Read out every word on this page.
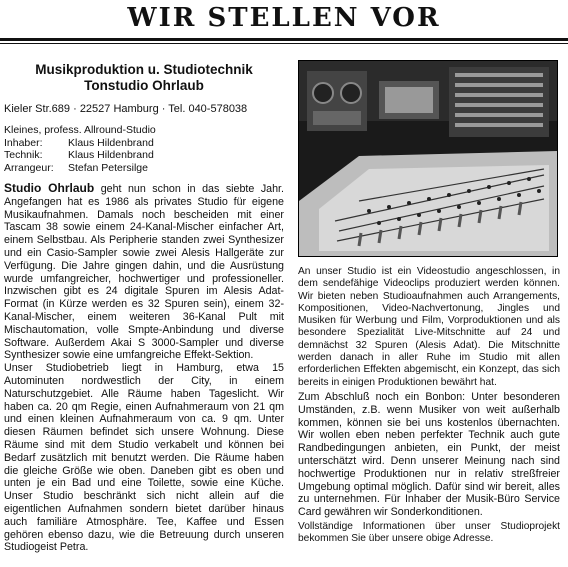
WIR STELLEN VOR
Musikproduktion u. Studiotechnik
Tonstudio Ohrlaub
Kieler Str.689 · 22527 Hamburg · Tel. 040-578038
Kleines, profess. Allround-Studio
Inhaber:	Klaus Hildenbrand
Technik:	Klaus Hildenbrand
Arrangeur:	Stefan Petersilge
Studio Ohrlaub geht nun schon in das siebte Jahr. Angefangen hat es 1986 als privates Studio für eigene Musikaufnahmen. Damals noch bescheiden mit einer Tascam 38 sowie einem 24-Kanal-Mischer einfacher Art, einem Selbstbau. Als Peripherie standen zwei Synthesizer und ein Casio-Sampler sowie zwei Alesis Hallgeräte zur Verfügung. Die Jahre gingen dahin, und die Ausrüstung wurde umfangreicher, hochwertiger und professioneller. Inzwischen gibt es 24 digitale Spuren im Alesis Adat-Format (in Kürze werden es 32 Spuren sein), einem 32-Kanal-Mischer, einem weiteren 36-Kanal Pult mit Mischautomation, volle Smpte-Anbindung und diverse Software. Außerdem Akai S 3000-Sampler und diverse Synthesizer sowie eine umfangreiche Effekt-Sektion.
Unser Studiobetrieb liegt in Hamburg, etwa 15 Autominuten nordwestlich der City, in einem Naturschutzgebiet. Alle Räume haben Tageslicht. Wir haben ca. 20 qm Regie, einen Aufnahmeraum von 21 qm und einen kleinen Aufnahmeraum von ca. 9 qm. Unter diesen Räumen befindet sich unsere Wohnung. Diese Räume sind mit dem Studio verkabelt und können bei Bedarf zusätzlich mit benutzt werden. Die Räume haben die gleiche Größe wie oben. Daneben gibt es oben und unten je ein Bad und eine Toilette, sowie eine Küche. Unser Studio beschränkt sich nicht allein auf die eigentlichen Aufnahmen sondern bietet darüber hinaus auch familiäre Atmosphäre. Tee, Kaffee und Essen gehören ebenso dazu, wie die Betreuung durch unseren Studiogeist Petra.
An unser Studio ist ein Videostudio angeschlossen, in dem sendefähige Videoclips produziert werden können. Wir bieten neben Studioaufnahmen auch Arrangements, Kompositionen, Video-Nachvertonung, Jingles und Musiken für Werbung und Film, Vorproduktionen und als besondere Spezialität Live-Mitschnitte auf 24 und demnächst 32 Spuren (Alesis Adat). Die Mitschnitte werden danach in aller Ruhe im Studio mit allen erforderlichen Effekten abgemischt, ein Konzept, das sich bereits in einigen Produktionen bewährt hat.
Zum Abschluß noch ein Bonbon: Unter besonderen Umständen, z.B. wenn Musiker von weit außerhalb kommen, können sie bei uns kostenlos übernachten. Wir wollen eben neben perfekter Technik auch gute Randbedingungen anbieten, ein Punkt, der meist unterschätzt wird. Denn unserer Meinung nach sind hochwertige Produktionen nur in relativ streßfreier Umgebung optimal möglich. Dafür sind wir bereit, alles zu unternehmen. Für Inhaber der Musik-Büro Service Card gewähren wir Sonderkonditionen.
Vollständige Informationen über unser Studioprojekt bekommen Sie über unsere obige Adresse.
